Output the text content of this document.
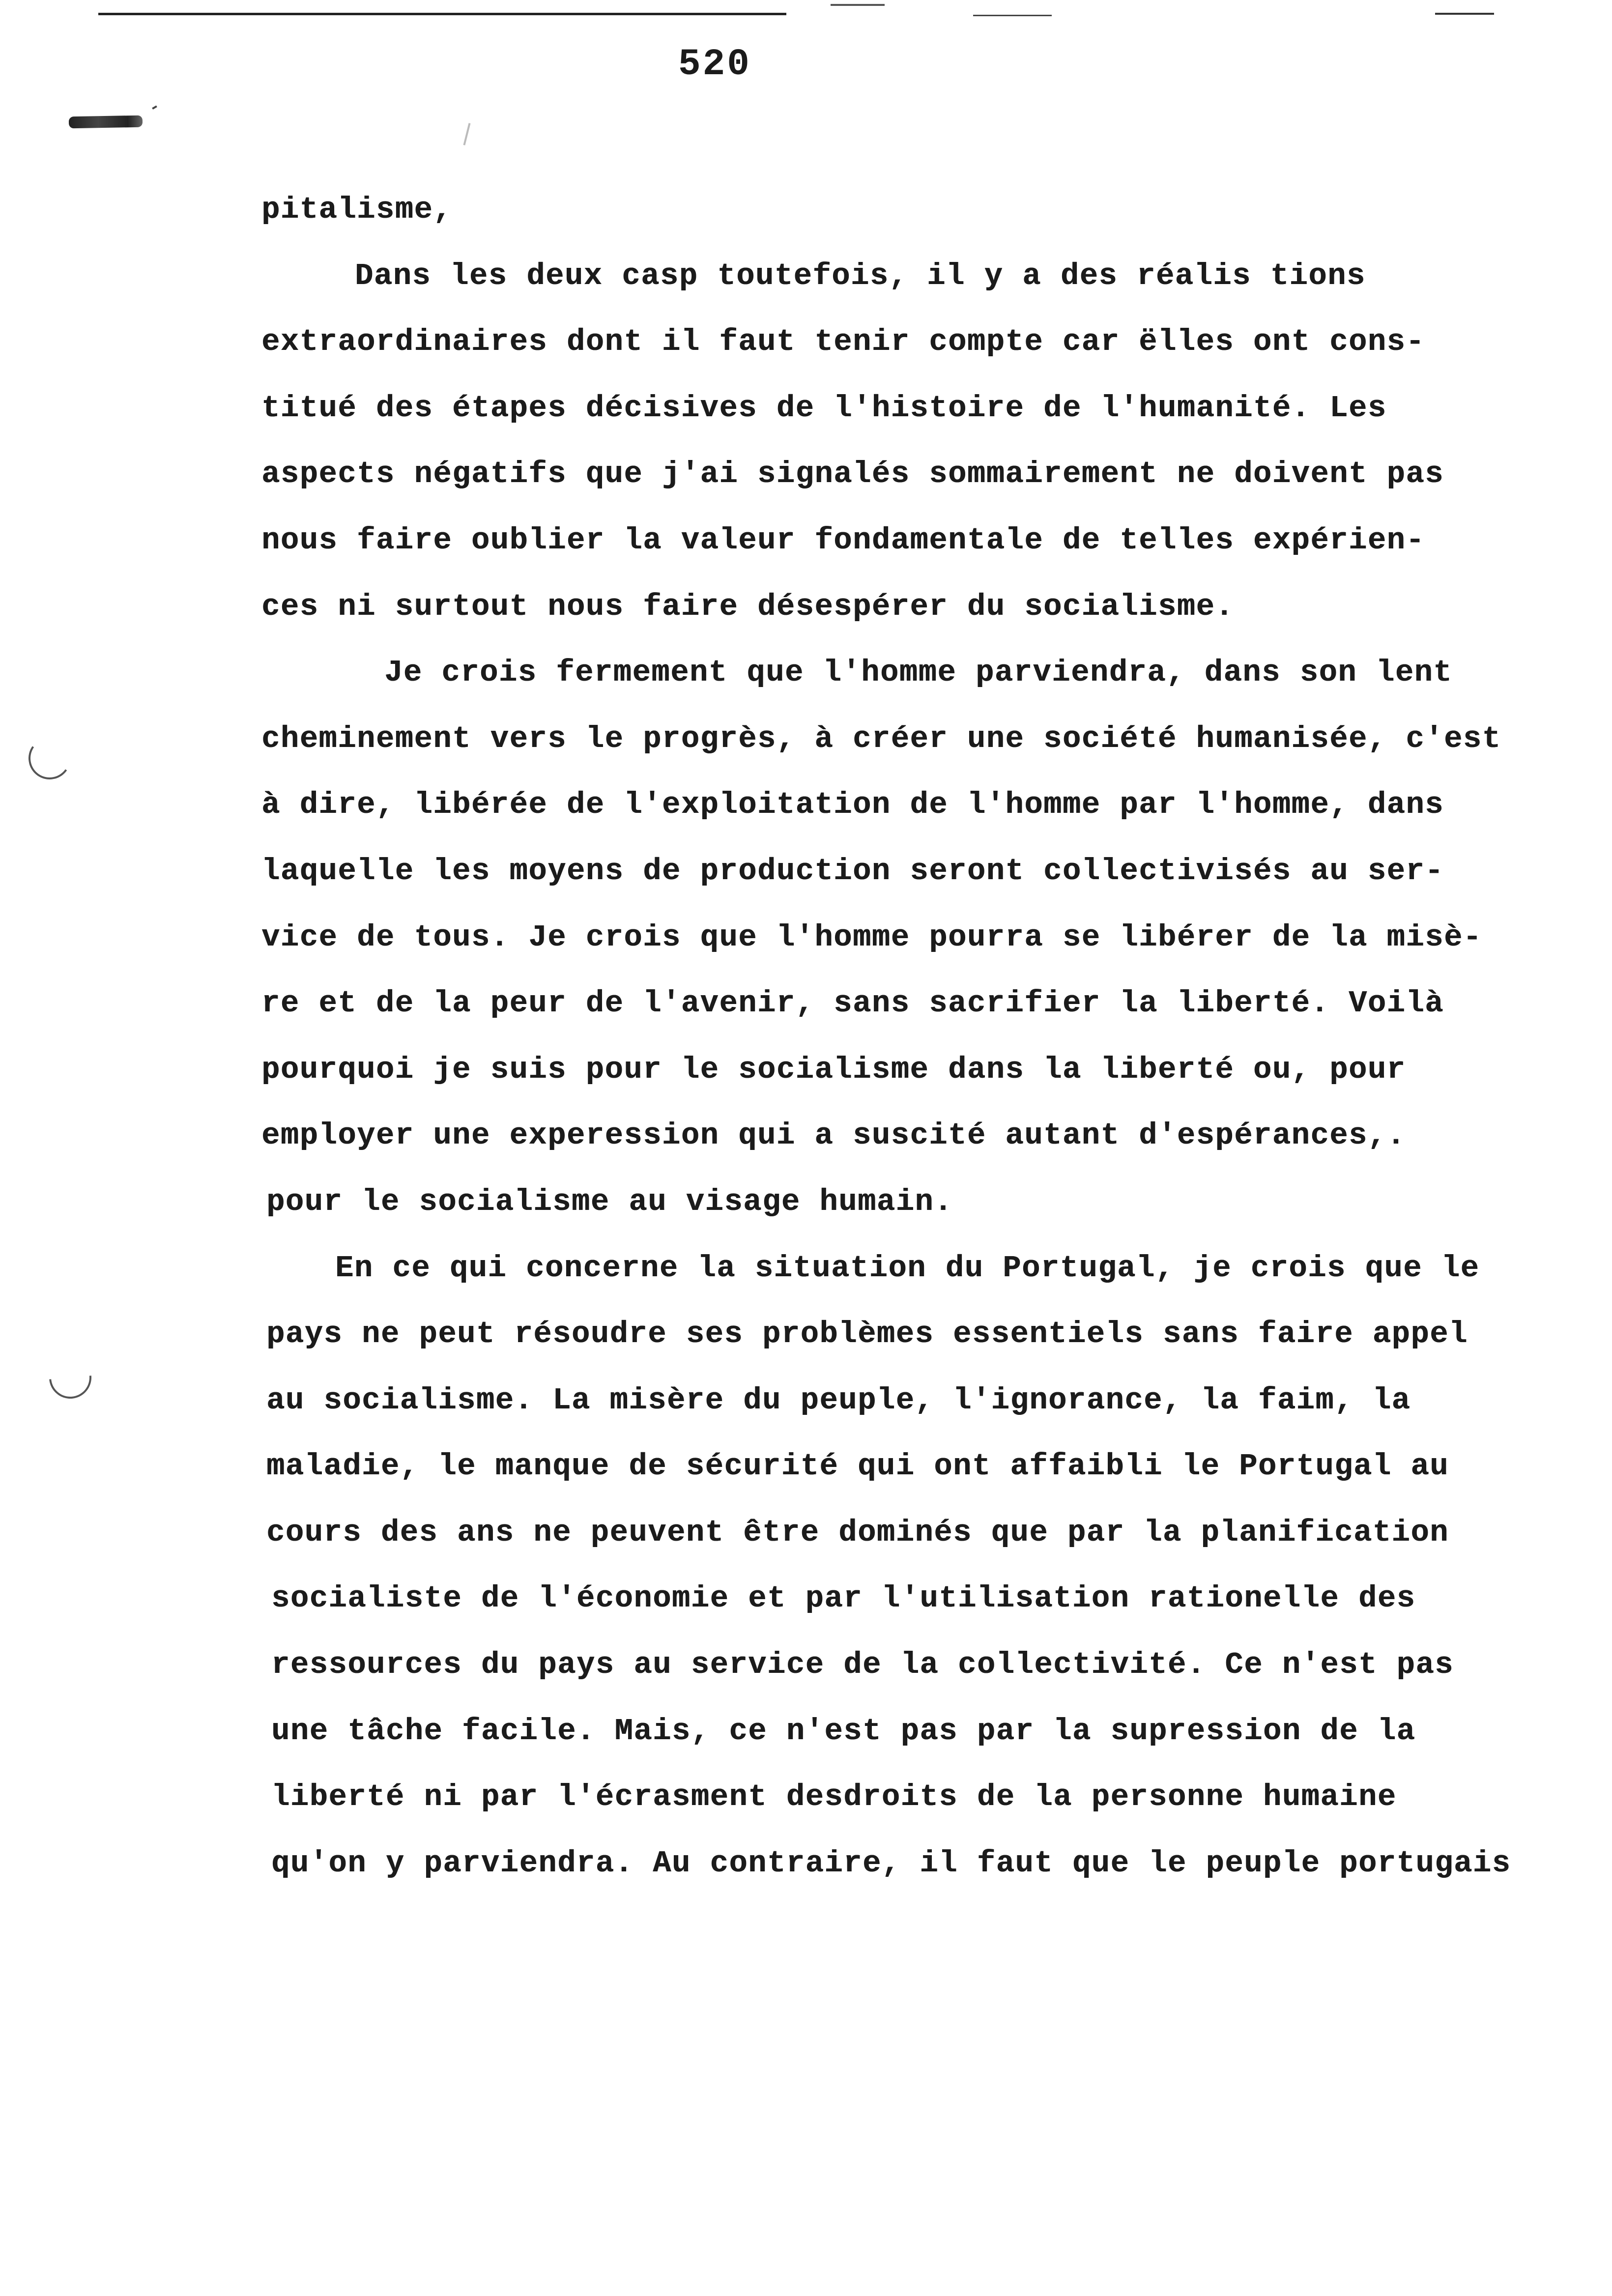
520
pitalisme,
Dans les deux casр toutefois, il y a des réalis tions
extraordinaires dont il faut tenir compte car ёlles ont cons-
titué des étapes décisives de l'histoire de l'humanité. Les
aspects négatifs que j'ai signalés sommairement ne doivent pas
nous faire oublier la valeur fondamentale de telles expérien-
ces ni surtout nous faire désespérer du socialisme.
Je crois fermement que l'homme parviendra, dans son lent
cheminement vers le progrès, à créer une société humanisée, c'est
à dire, libérée de l'exploitation de l'homme par l'homme, dans
laquelle les moyens de production seront collectivisés au ser-
vice de tous. Je crois que l'homme pourra se libérer de la misè-
re et de la peur de l'avenir, sans sacrifier la liberté. Voilà
pourquoi je suis pour le socialisme dans la liberté ou, pour
employer une experession qui a suscité autant d'espérances,.
pour le socialisme au visage humain.
En ce qui concerne la situation du Portugal, je crois que le
pays ne peut résoudre ses problèmes essentiels sans faire appel
au socialisme. La misère du peuple, l'ignorance, la faim, la
maladie, le manque de sécurité qui ont affaibli le Portugal au
cours des ans ne peuvent être dominés que par la planification
socialiste de l'économie et par l'utilisation rationelle des
ressources du pays au service de la collectivité. Ce n'est pas
une tâche facile. Mais, ce n'est pas par la supression de la
liberté ni par l'écrasment desdroits de la personne humaine
qu'on y parviendra. Au contraire, il faut que le peuple portugais
